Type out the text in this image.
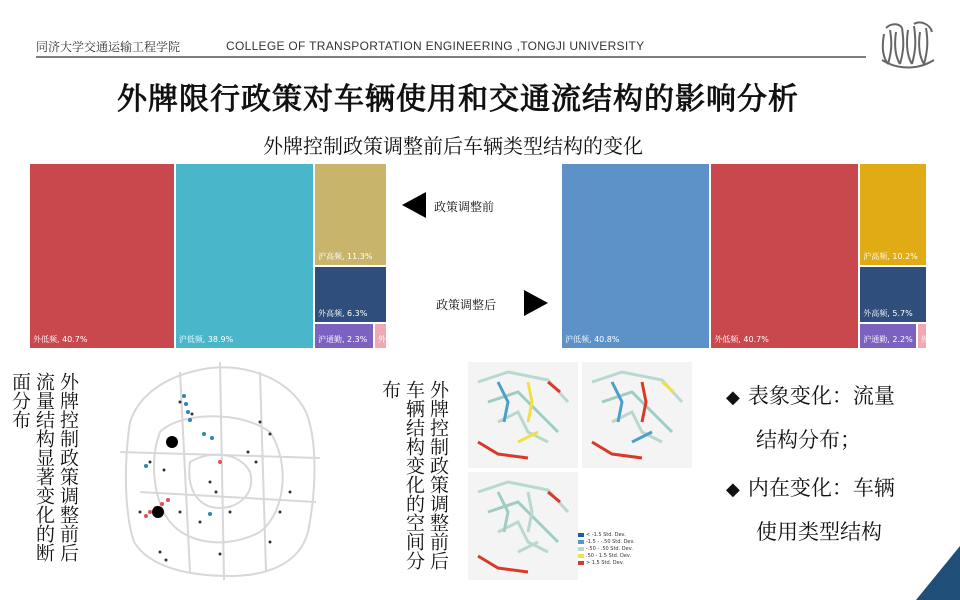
同济大学交通运输工程学院	COLLEGE OF TRANSPORTATION ENGINEERING ,TONGJI UNIVERSITY
外牌限行政策对车辆使用和交通流结构的影响分析
外牌控制政策调整前后车辆类型结构的变化
外低频, 40.7%	沪低频, 38.9%
沪高频, 11.3%
外高频, 6.3%
沪通勤, 2.3% 外	沪低频, 40.8%	外低频, 40.7%
沪高频, 10.2%
外高频, 5.7%
沪通勤, 2.2% 外
政策调整前
政策调整后
外牌控制政策调整前后流量结构显著变化的断面分布	外牌控制政策调整前后车辆结构变化的空间分布
< -1.5 Std. Dev.
-1.5 - -.50 Std. Dev.
-.50 - .50 Std. Dev.
.50 - 1.5 Std. Dev.
> 1.5 Std. Dev.
◆ 表象变化：流量
结构分布；
◆ 内在变化：车辆
使用类型结构
